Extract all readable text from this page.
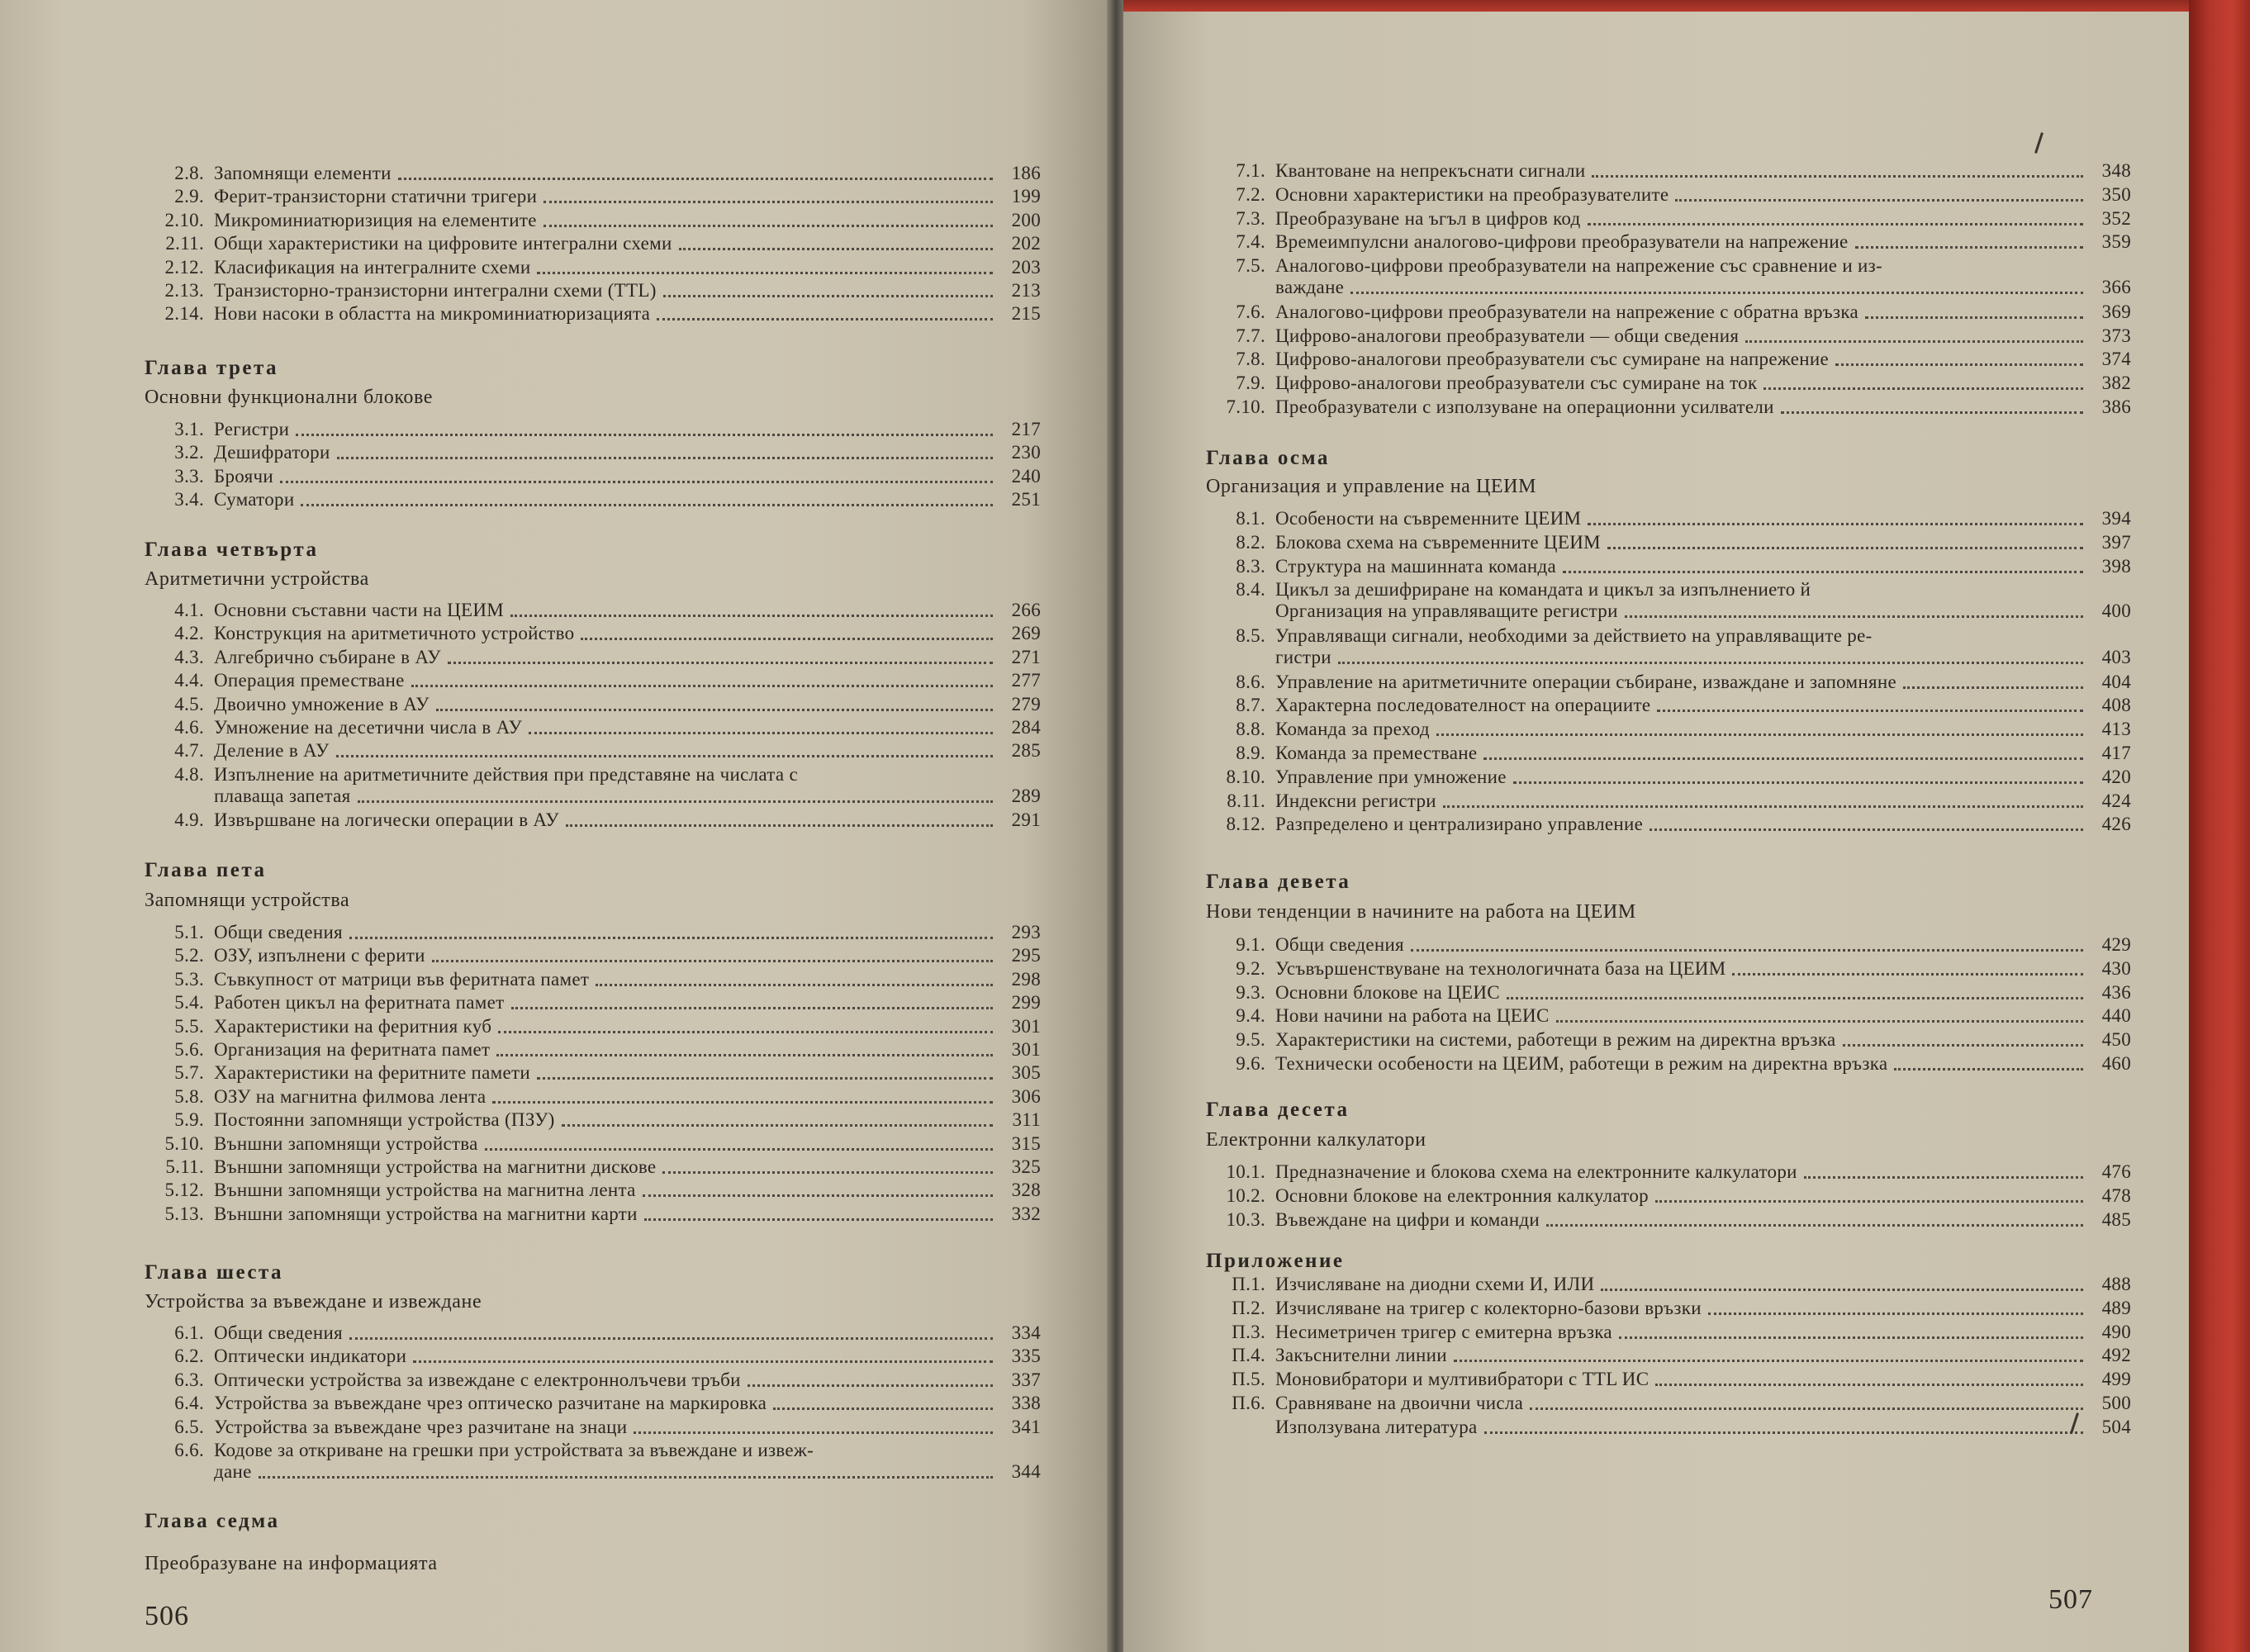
2.8. Запомнящи елементи	186
2.9. Ферит-транзисторни статични тригери	199
2.10. Микроминиатюризиция на елементите	200
2.11. Общи характеристики на цифровите интегрални схеми	202
2.12. Класификация на интегралните схеми	203
2.13. Транзисторно-транзисторни интегрални схеми (TTL)	213
2.14. Нови насоки в областта на микроминиатюризацията	215
Глава трета
Основни функционални блокове
3.1. Регистри	217
3.2. Дешифратори	230
3.3. Броячи	240
3.4. Суматори	251
Глава четвърта
Аритметични устройства
4.1. Основни съставни части на ЦЕИМ	266
4.2. Конструкция на аритметичното устройство	269
4.3. Алгебрично събиране в АУ	271
4.4. Операция преместване	277
4.5. Двоично умножение в АУ	279
4.6. Умножение на десетични числа в АУ	284
4.7. Деление в АУ	285
4.8. Изпълнение на аритметичните действия при представяне на числата с
плаваща запетая	289
4.9. Извършване на логически операции в АУ	291
Глава пета
Запомнящи устройства
5.1. Общи сведения	293
5.2. ОЗУ, изпълнени с ферити	295
5.3. Съвкупност от матрици във феритната памет	298
5.4. Работен цикъл на феритната памет	299
5.5. Характеристики на феритния куб	301
5.6. Организация на феритната памет	301
5.7. Характеристики на феритните памети	305
5.8. ОЗУ на магнитна филмова лента	306
5.9. Постоянни запомнящи устройства (ПЗУ)	311
5.10. Външни запомнящи устройства	315
5.11. Външни запомнящи устройства на магнитни дискове	325
5.12. Външни запомнящи устройства на магнитна лента	328
5.13. Външни запомнящи устройства на магнитни карти	332
Глава шеста
Устройства за въвеждане и извеждане
6.1. Общи сведения	334
6.2. Оптически индикатори	335
6.3. Оптически устройства за извеждане с електроннолъчеви тръби	337
6.4. Устройства за въвеждане чрез оптическо разчитане на маркировка	338
6.5. Устройства за въвеждане чрез разчитане на знаци	341
6.6. Кодове за откриване на грешки при устройствата за въвеждане и извеж-
дане	344
Глава седма
Преобразуване на информацията
506
7.1. Квантоване на непрекъснати сигнали	348
7.2. Основни характеристики на преобразувателите	350
7.3. Преобразуване на ъгъл в цифров код	352
7.4. Времеимпулсни аналогово-цифрови преобразуватели на напрежение	359
7.5. Аналогово-цифрови преобразуватели на напрежение със сравнение и из-
важдане	366
7.6. Аналогово-цифрови преобразуватели на напрежение с обратна връзка	369
7.7. Цифрово-аналогови преобразуватели — общи сведения	373
7.8. Цифрово-аналогови преобразуватели със сумиране на напрежение	374
7.9. Цифрово-аналогови преобразуватели със сумиране на ток	382
7.10. Преобразуватели с използуване на операционни усилватели	386
Глава осма
Организация и управление на ЦЕИМ
8.1. Особености на съвременните ЦЕИМ	394
8.2. Блокова схема на съвременните ЦЕИМ	397
8.3. Структура на машинната команда	398
8.4. Цикъл за дешифриране на командата и цикъл за изпълнението й
Организация на управляващите регистри	400
8.5. Управляващи сигнали, необходими за действието на управляващите ре-
гистри	403
8.6. Управление на аритметичните операции събиране, изваждане и запомняне	404
8.7. Характерна последователност на операциите	408
8.8. Команда за преход	413
8.9. Команда за преместване	417
8.10. Управление при умножение	420
8.11. Индексни регистри	424
8.12. Разпределено и централизирано управление	426
Глава девета
Нови тенденции в начините на работа на ЦЕИМ
9.1. Общи сведения	429
9.2. Усъвършенствуване на технологичната база на ЦЕИМ	430
9.3. Основни блокове на ЦЕИС	436
9.4. Нови начини на работа на ЦЕИС	440
9.5. Характеристики на системи, работещи в режим на директна връзка	450
9.6. Технически особености на ЦЕИМ, работещи в режим на директна връзка	460
Глава десета
Електронни калкулатори
10.1. Предназначение и блокова схема на електронните калкулатори	476
10.2. Основни блокове на електронния калкулатор	478
10.3. Въвеждане на цифри и команди	485
Приложение
П.1. Изчисляване на диодни схеми И, ИЛИ	488
П.2. Изчисляване на тригер с колекторно-базови връзки	489
П.3. Несиметричен тригер с емитерна връзка	490
П.4. Закъснителни линии	492
П.5. Моновибратори и мултивибратори с TTL ИС	499
П.6. Сравняване на двоични числа	500
Използувана литература	504
507
